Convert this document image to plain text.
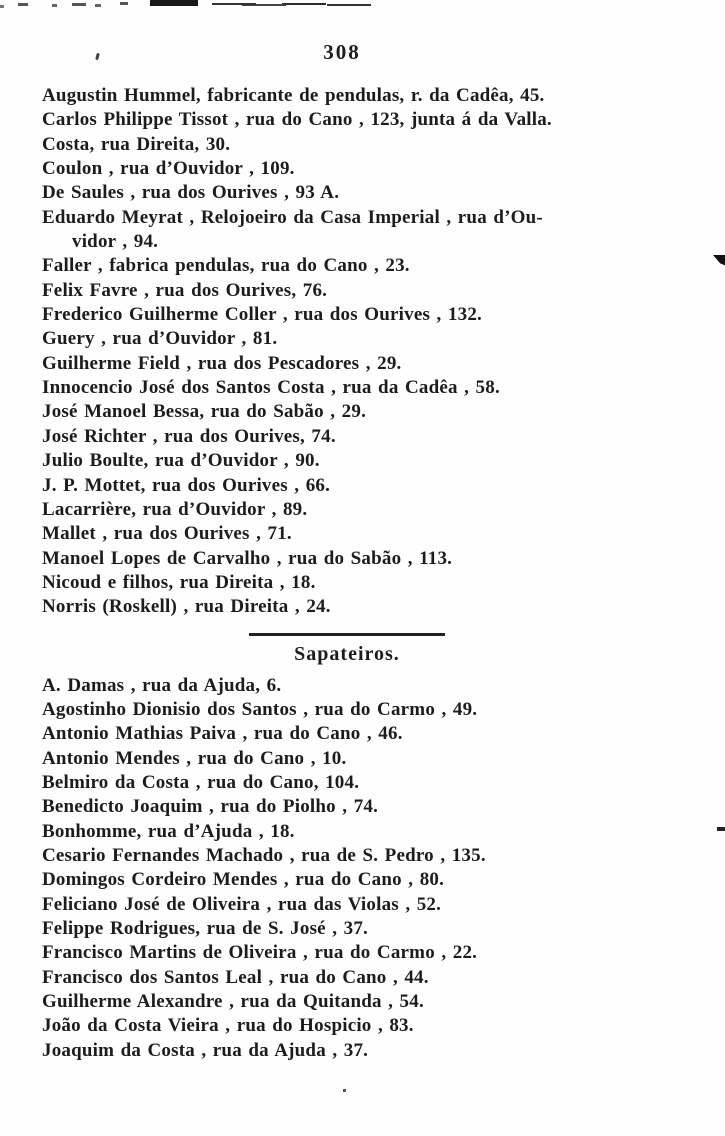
308
Augustin Hummel, fabricante de pendulas, r. da Cadêa, 45.
Carlos Philippe Tissot , rua do Cano , 123, junta á da Valla.
Costa, rua Direita, 30.
Coulon , rua d’Ouvidor , 109.
De Saules , rua dos Ourives , 93 A.
Eduardo Meyrat , Relojoeiro da Casa Imperial , rua d’Ou-
vidor , 94.
Faller , fabrica pendulas, rua do Cano , 23.
Felix Favre , rua dos Ourives, 76.
Frederico Guilherme Coller , rua dos Ourives , 132.
Guery , rua d’Ouvidor , 81.
Guilherme Field , rua dos Pescadores , 29.
Innocencio José dos Santos Costa , rua da Cadêa , 58.
José Manoel Bessa, rua do Sabão , 29.
José Richter , rua dos Ourives, 74.
Julio Boulte, rua d’Ouvidor , 90.
J. P. Mottet, rua dos Ourives , 66.
Lacarrière, rua d’Ouvidor , 89.
Mallet , rua dos Ourives , 71.
Manoel Lopes de Carvalho , rua do Sabão , 113.
Nicoud e filhos, rua Direita , 18.
Norris (Roskell) , rua Direita , 24.
Sapateiros.
A. Damas , rua da Ajuda, 6.
Agostinho Dionisio dos Santos , rua do Carmo , 49.
Antonio Mathias Paiva , rua do Cano , 46.
Antonio Mendes , rua do Cano , 10.
Belmiro da Costa , rua do Cano, 104.
Benedicto Joaquim , rua do Piolho , 74.
Bonhomme, rua d’Ajuda , 18.
Cesario Fernandes Machado , rua de S. Pedro , 135.
Domingos Cordeiro Mendes , rua do Cano , 80.
Feliciano José de Oliveira , rua das Violas , 52.
Felippe Rodrigues, rua de S. José , 37.
Francisco Martins de Oliveira , rua do Carmo , 22.
Francisco dos Santos Leal , rua do Cano , 44.
Guilherme Alexandre , rua da Quitanda , 54.
João da Costa Vieira , rua do Hospicio , 83.
Joaquim da Costa , rua da Ajuda , 37.
